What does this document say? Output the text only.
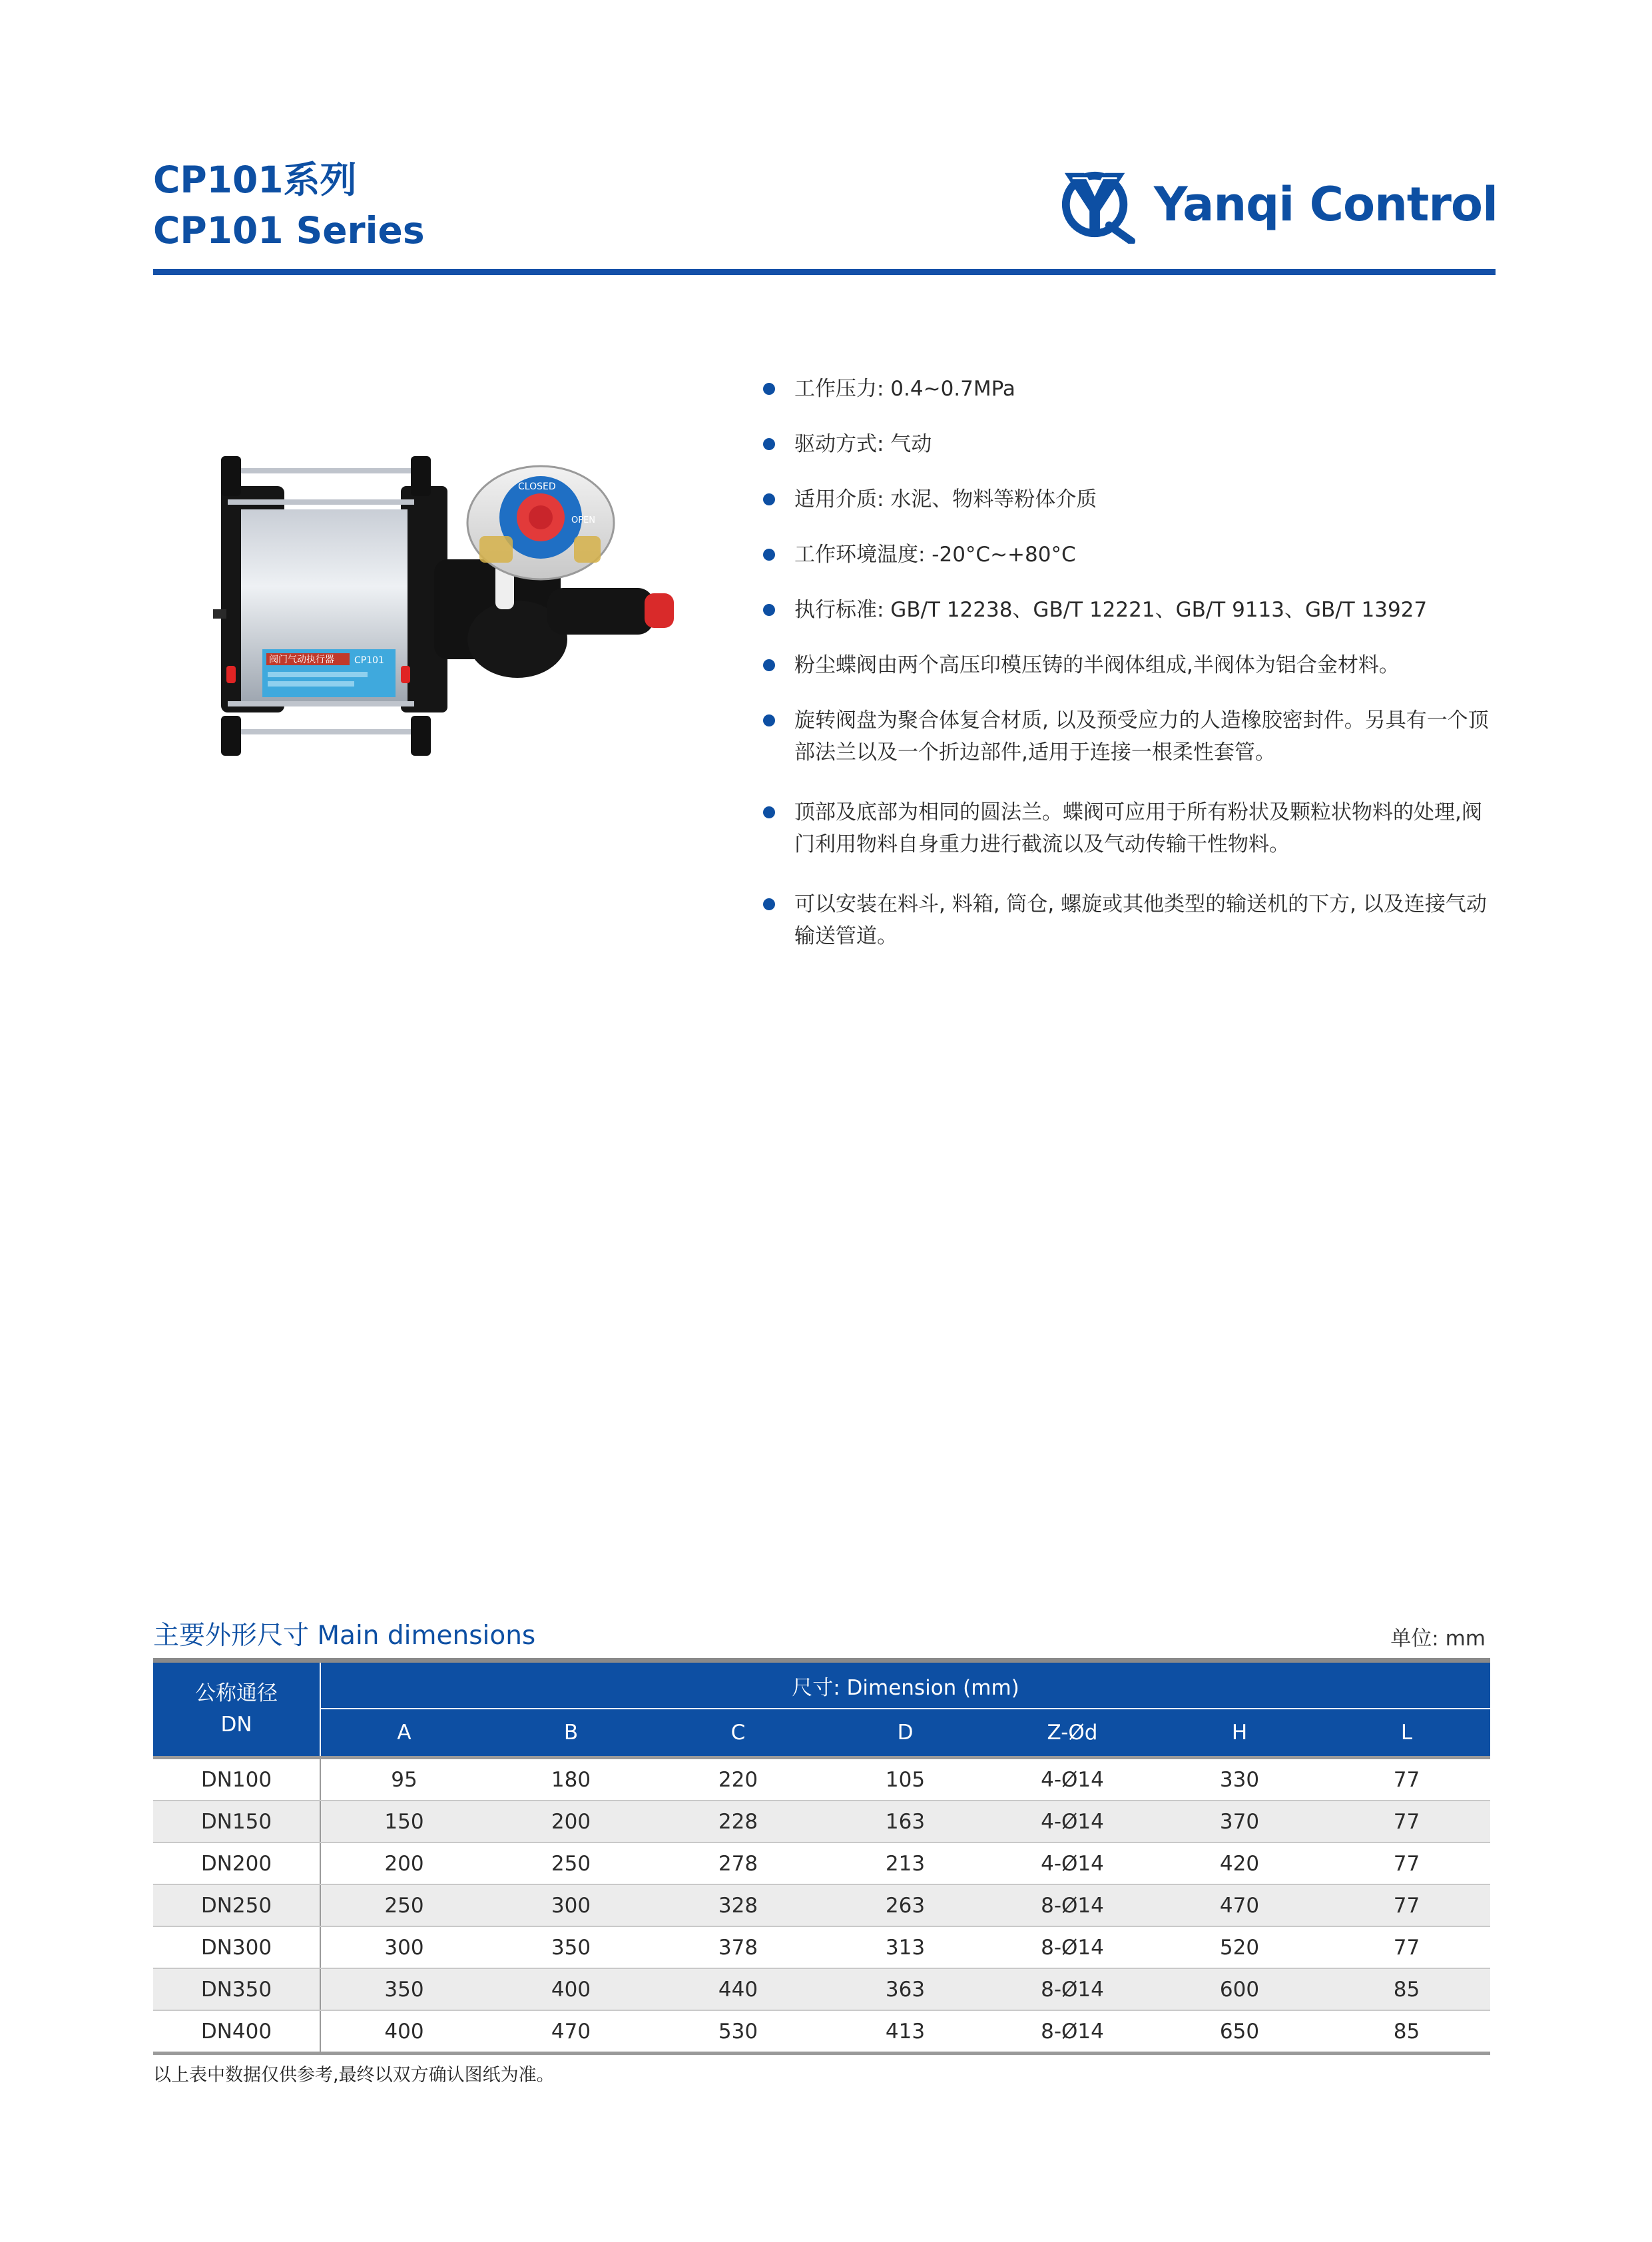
CP101系列
CP101 Series	Yanqi Control
阀门气动执行器 CP101
CLOSED
OPEN
工作压力: 0.4~0.7MPa
驱动方式: 气动
适用介质: 水泥、物料等粉体介质
工作环境温度: -20°C~+80°C
执行标准: GB/T 12238、GB/T 12221、GB/T 9113、GB/T 13927
粉尘蝶阀由两个高压印模压铸的半阀体组成,半阀体为铝合金材料。
旋转阀盘为聚合体复合材质, 以及预受应力的人造橡胶密封件。另具有一个顶部法兰以及一个折边部件,适用于连接一根柔性套管。
顶部及底部为相同的圆法兰。蝶阀可应用于所有粉状及颗粒状物料的处理,阀门利用物料自身重力进行截流以及气动传输干性物料。
可以安装在料斗, 料箱, 筒仓, 螺旋或其他类型的输送机的下方, 以及连接气动输送管道。
主要外形尺寸 Main dimensions	单位: mm

公称通径
DN	尺寸: Dimension (mm)						
	A	B	C	D	Z-Ød	H	L
DN100	95	180	220	105	4-Ø14	330	77
DN150	150	200	228	163	4-Ø14	370	77
DN200	200	250	278	213	4-Ø14	420	77
DN250	250	300	328	263	8-Ø14	470	77
DN300	300	350	378	313	8-Ø14	520	77
DN350	350	400	440	363	8-Ø14	600	85
DN400	400	470	530	413	8-Ø14	650	85
以上表中数据仅供参考,最终以双方确认图纸为准。
